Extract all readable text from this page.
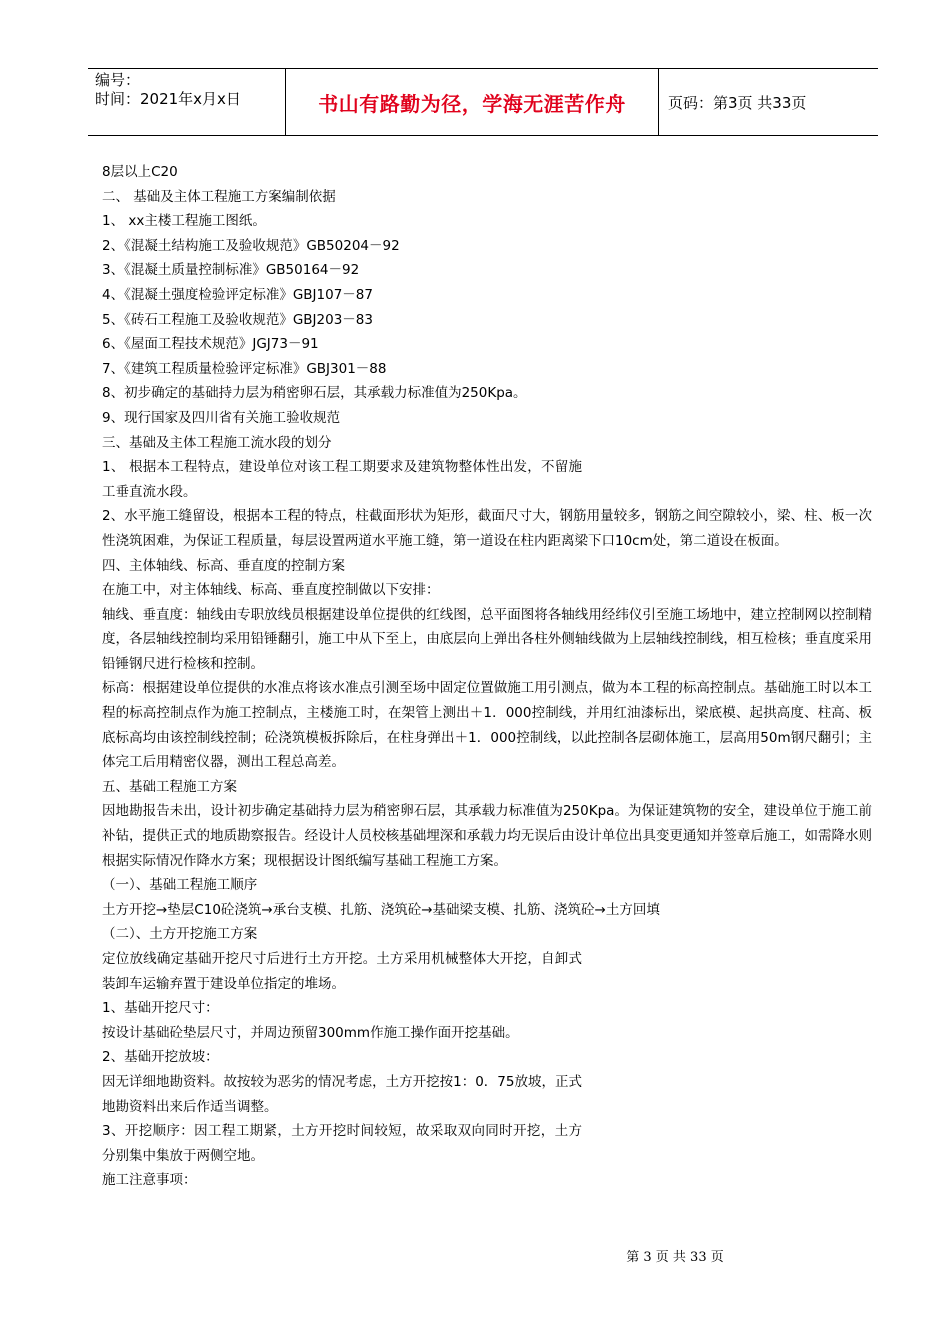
编号：
时间：2021年x月x日	书山有路勤为径，学海无涯苦作舟	页码：第3页 共33页

8层以上C20

二、 基础及主体工程施工方案编制依据

1、 xx主楼工程施工图纸。

2、《混凝土结构施工及验收规范》GB50204－92

3、《混凝土质量控制标准》GB50164－92

4、《混凝土强度检验评定标准》GBJ107－87

5、《砖石工程施工及验收规范》GBJ203－83

6、《屋面工程技术规范》JGJ73－91

7、《建筑工程质量检验评定标准》GBJ301－88

8、初步确定的基础持力层为稍密卵石层，其承载力标准值为250Kpa。

9、现行国家及四川省有关施工验收规范

三、基础及主体工程施工流水段的划分

1、 根据本工程特点，建设单位对该工程工期要求及建筑物整体性出发，不留施工垂直流水段。

2、水平施工缝留设，根据本工程的特点，柱截面形状为矩形，截面尺寸大，钢筋用量较多，钢筋之间空隙较小，梁、柱、板一次性浇筑困难，为保证工程质量，每层设置两道水平施工缝，第一道设在柱内距离梁下口10cm处，第二道设在板面。

四、主体轴线、标高、垂直度的控制方案

在施工中，对主体轴线、标高、垂直度控制做以下安排：

轴线、垂直度：轴线由专职放线员根据建设单位提供的红线图，总平面图将各轴线用经纬仪引至施工场地中，建立控制网以控制精度，各层轴线控制均采用铅锤翻引，施工中从下至上，由底层向上弹出各柱外侧轴线做为上层轴线控制线，相互检核；垂直度采用铅锤钢尺进行检核和控制。

标高：根据建设单位提供的水准点将该水准点引测至场中固定位置做施工用引测点，做为本工程的标高控制点。基础施工时以本工程的标高控制点作为施工控制点，主楼施工时，在架管上测出＋1．000控制线，并用红油漆标出，梁底模、起拱高度、柱高、板底标高均由该控制线控制；砼浇筑模板拆除后，在柱身弹出＋1．000控制线，以此控制各层砌体施工，层高用50m钢尺翻引；主体完工后用精密仪器，测出工程总高差。

五、基础工程施工方案

因地勘报告未出，设计初步确定基础持力层为稍密卵石层，其承载力标准值为250Kpa。为保证建筑物的安全，建设单位于施工前补钻，提供正式的地质勘察报告。经设计人员校核基础埋深和承载力均无误后由设计单位出具变更通知并签章后施工，如需降水则根据实际情况作降水方案；现根据设计图纸编写基础工程施工方案。

（一）、基础工程施工顺序

土方开挖→垫层C10砼浇筑→承台支模、扎筋、浇筑砼→基础梁支模、扎筋、浇筑砼→土方回填

（二）、土方开挖施工方案

定位放线确定基础开挖尺寸后进行土方开挖。土方采用机械整体大开挖，自卸式装卸车运输弃置于建设单位指定的堆场。

1、基础开挖尺寸：

按设计基础砼垫层尺寸，并周边预留300mm作施工操作面开挖基础。

2、基础开挖放坡：

因无详细地勘资料。故按较为恶劣的情况考虑，土方开挖按1：0．75放坡，正式地勘资料出来后作适当调整。

3、开挖顺序：因工程工期紧，土方开挖时间较短，故采取双向同时开挖，土方分别集中集放于两侧空地。

施工注意事项：

第 3 页 共 33 页
